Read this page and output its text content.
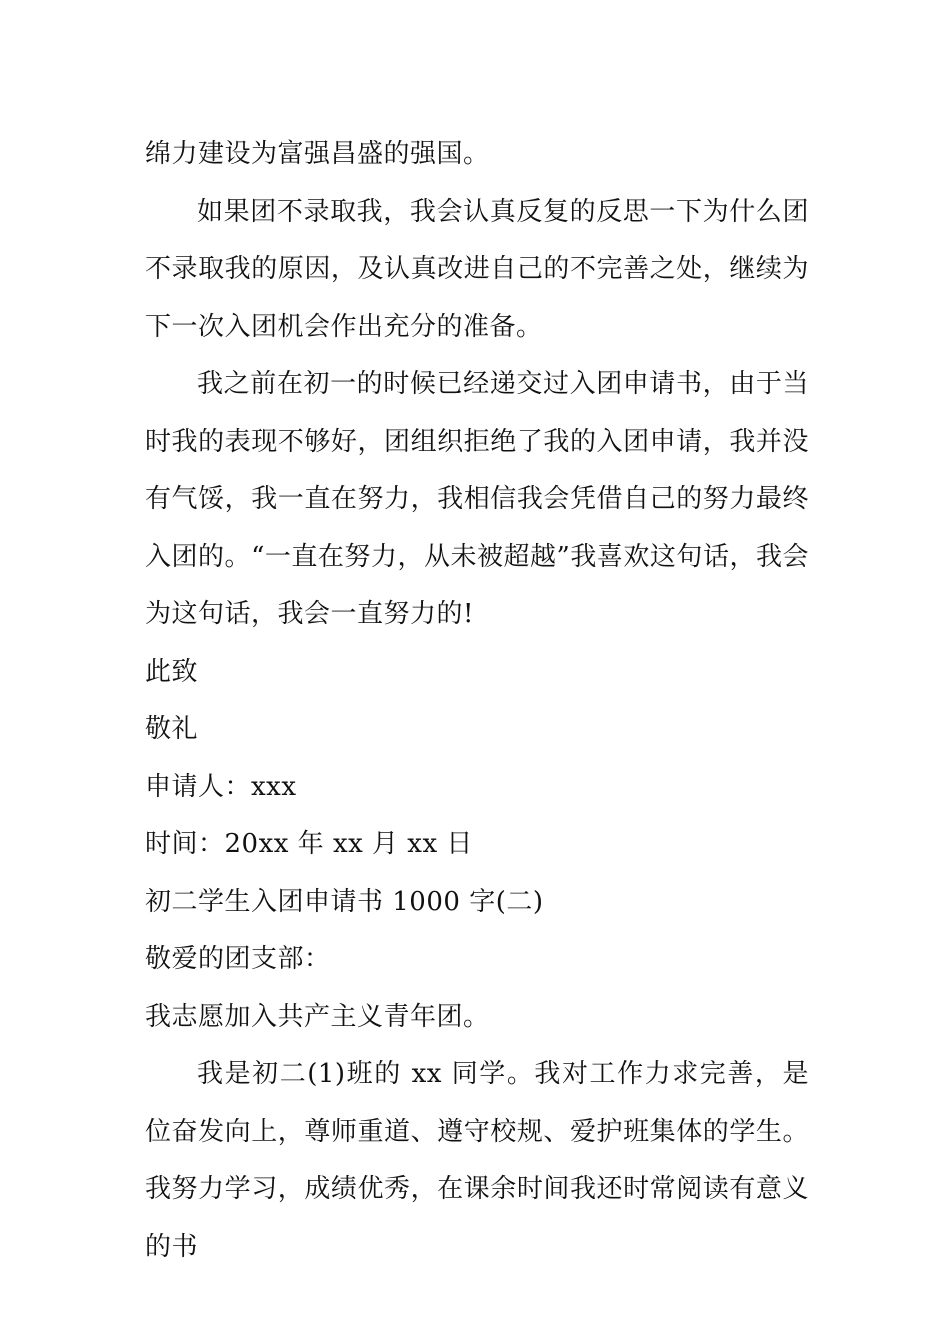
绵力建设为富强昌盛的强国。

如果团不录取我，我会认真反复的反思一下为什么团不录取我的原因，及认真改进自己的不完善之处，继续为下一次入团机会作出充分的准备。

我之前在初一的时候已经递交过入团申请书，由于当时我的表现不够好，团组织拒绝了我的入团申请，我并没有气馁，我一直在努力，我相信我会凭借自己的努力最终入团的。“一直在努力，从未被超越”我喜欢这句话，我会为这句话，我会一直努力的!

此致

敬礼

申请人：xxx

时间：20xx 年 xx 月 xx 日

初二学生入团申请书 1000 字(二)

敬爱的团支部：

我志愿加入共产主义青年团。

我是初二(1)班的 xx 同学。我对工作力求完善，是位奋发向上，尊师重道、遵守校规、爱护班集体的学生。我努力学习，成绩优秀，在课余时间我还时常阅读有意义的书
